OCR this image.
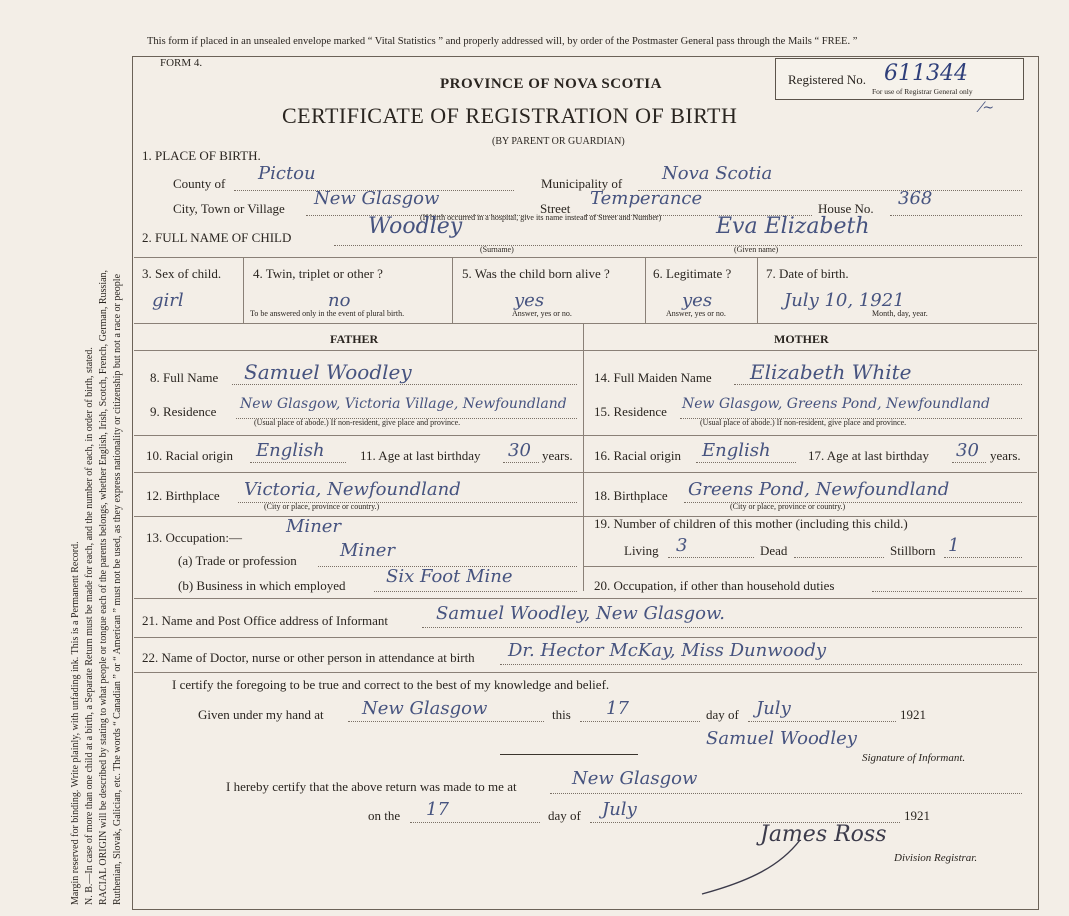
Margin reserved for binding. Write plainly, with unfading ink. This is a Permanent Record. N. B.—In case of more than one child at a birth, a Separate Return must be made for each, and the number of each, in order of birth, stated. RACIAL ORIGIN will be described by stating to what people or tongue each of the parents belongs, whether English, Irish, Scotch, French, German, Russian, Ruthenian, Slovak, Galician, etc. The words “ Canadian ” or “ American ” must not be used, as they express nationality or citizenship but not a race or people
This form if placed in an unsealed envelope marked “ Vital Statistics ” and properly addressed will, by order of the Postmaster General pass through the Mails “ FREE. ”
FORM 4.
PROVINCE OF NOVA SCOTIA
CERTIFICATE OF REGISTRATION OF BIRTH
(BY PARENT OR GUARDIAN)
Registered No. 611344
For use of Registrar General only
⁄~
1. PLACE OF BIRTH.
County of Pictou	Municipality of Nova Scotia
City, Town or Village New Glasgow	Street Temperance	House No. 368
(If birth occurred in a hospital, give its name instead of Street and Number)
2. FULL NAME OF CHILD	Woodley	Eva Elizabeth
(Surname)	(Given name)
3. Sex of child.
girl
4. Twin, triplet or other ?
no
To be answered only in the event of plural birth.
5. Was the child born alive ?
yes
Answer, yes or no.
6. Legitimate ?
yes
Answer, yes or no.
7. Date of birth.
July 10, 1921
Month, day, year.
FATHER	MOTHER
8. Full Name Samuel Woodley
9. Residence New Glasgow, Victoria Village, Newfoundland
(Usual place of abode.) If non-resident, give place and province.
10. Racial origin English	11. Age at last birthday 30 years.
12. Birthplace Victoria, Newfoundland
(City or place, province or country.)
13. Occupation:—
Miner
(a) Trade or profession Miner
(b) Business in which employed Six Foot Mine
14. Full Maiden Name Elizabeth White
15. Residence New Glasgow, Greens Pond, Newfoundland
(Usual place of abode.) If non-resident, give place and province.
16. Racial origin English	17. Age at last birthday 30 years.
18. Birthplace Greens Pond, Newfoundland
(City or place, province or country.)
19. Number of children of this mother (including this child.)
Living 3	Dead	Stillborn 1
20. Occupation, if other than household duties
21. Name and Post Office address of Informant	Samuel Woodley, New Glasgow.
22. Name of Doctor, nurse or other person in attendance at birth Dr. Hector McKay, Miss Dunwoody
I certify the foregoing to be true and correct to the best of my knowledge and belief.
Given under my hand at New Glasgow	this 17	day of July	1921
Samuel Woodley
Signature of Informant.
I hereby certify that the above return was made to me at	New Glasgow
on the 17	day of July	1921
James Ross
Division Registrar.
